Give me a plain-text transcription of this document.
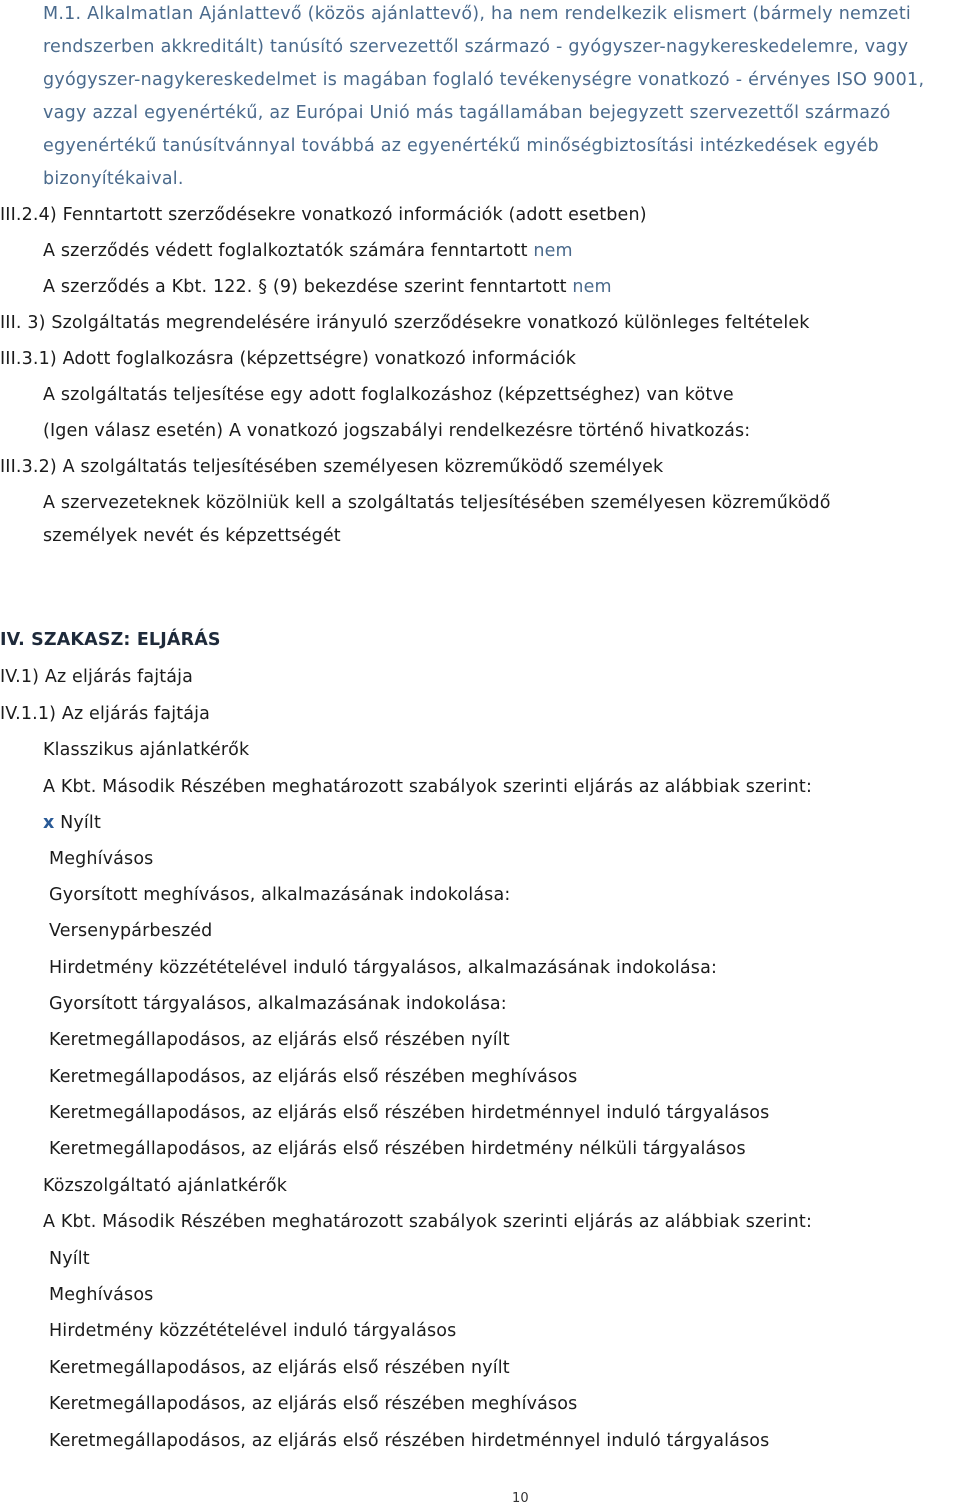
M.1. Alkalmatlan Ajánlattevő (közös ajánlattevő), ha nem rendelkezik elismert (bármely nemzeti
rendszerben akkreditált) tanúsító szervezettől származó - gyógyszer-nagykereskedelemre, vagy
gyógyszer-nagykereskedelmet is magában foglaló tevékenységre vonatkozó - érvényes ISO 9001,
vagy azzal egyenértékű, az Európai Unió más tagállamában bejegyzett szervezettől származó
egyenértékű tanúsítvánnyal továbbá az egyenértékű minőségbiztosítási intézkedések egyéb
bizonyítékaival.
III.2.4) Fenntartott szerződésekre vonatkozó információk (adott esetben)
A szerződés védett foglalkoztatók számára fenntartott nem
A szerződés a Kbt. 122. § (9) bekezdése szerint fenntartott nem
III. 3) Szolgáltatás megrendelésére irányuló szerződésekre vonatkozó különleges feltételek
III.3.1) Adott foglalkozásra (képzettségre) vonatkozó információk
A szolgáltatás teljesítése egy adott foglalkozáshoz (képzettséghez) van kötve
(Igen válasz esetén) A vonatkozó jogszabályi rendelkezésre történő hivatkozás:
III.3.2) A szolgáltatás teljesítésében személyesen közreműködő személyek
A szervezeteknek közölniük kell a szolgáltatás teljesítésében személyesen közreműködő
személyek nevét és képzettségét
IV. SZAKASZ: ELJÁRÁS
IV.1) Az eljárás fajtája
IV.1.1) Az eljárás fajtája
Klasszikus ajánlatkérők
A Kbt. Második Részében meghatározott szabályok szerinti eljárás az alábbiak szerint:
x Nyílt
Meghívásos
Gyorsított meghívásos, alkalmazásának indokolása:
Versenypárbeszéd
Hirdetmény közzétételével induló tárgyalásos, alkalmazásának indokolása:
Gyorsított tárgyalásos, alkalmazásának indokolása:
Keretmegállapodásos, az eljárás első részében nyílt
Keretmegállapodásos, az eljárás első részében meghívásos
Keretmegállapodásos, az eljárás első részében hirdetménnyel induló tárgyalásos
Keretmegállapodásos, az eljárás első részében hirdetmény nélküli tárgyalásos
Közszolgáltató ajánlatkérők
A Kbt. Második Részében meghatározott szabályok szerinti eljárás az alábbiak szerint:
Nyílt
Meghívásos
Hirdetmény közzétételével induló tárgyalásos
Keretmegállapodásos, az eljárás első részében nyílt
Keretmegállapodásos, az eljárás első részében meghívásos
Keretmegállapodásos, az eljárás első részében hirdetménnyel induló tárgyalásos
10
